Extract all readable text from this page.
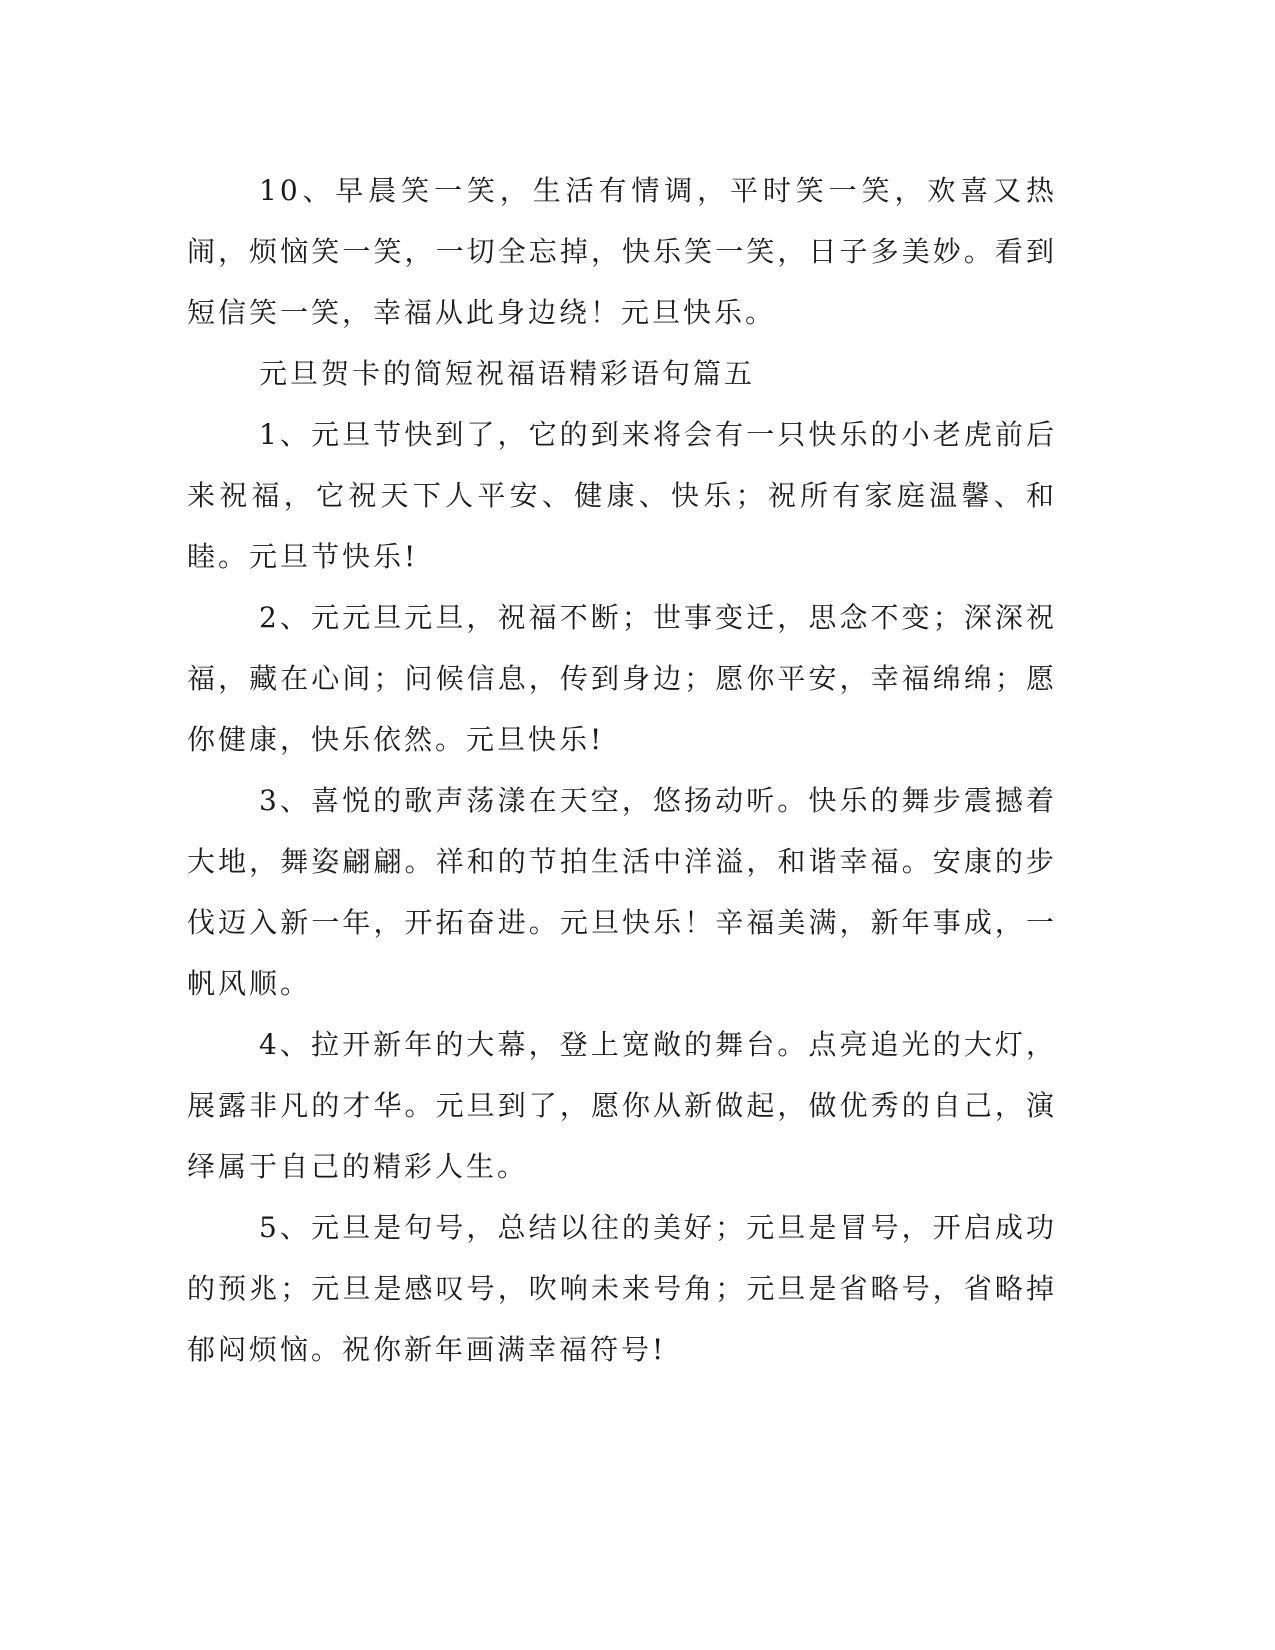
10、早晨笑一笑，生活有情调，平时笑一笑，欢喜又热闹，烦恼笑一笑，一切全忘掉，快乐笑一笑，日子多美妙。看到短信笑一笑，幸福从此身边绕！元旦快乐。

元旦贺卡的简短祝福语精彩语句篇五

1、元旦节快到了，它的到来将会有一只快乐的小老虎前后来祝福，它祝天下人平安、健康、快乐；祝所有家庭温馨、和睦。元旦节快乐!

2、元元旦元旦，祝福不断；世事变迁，思念不变；深深祝福，藏在心间；问候信息，传到身边；愿你平安，幸福绵绵；愿你健康，快乐依然。元旦快乐!

3、喜悦的歌声荡漾在天空，悠扬动听。快乐的舞步震撼着大地，舞姿翩翩。祥和的节拍生活中洋溢，和谐幸福。安康的步伐迈入新一年，开拓奋进。元旦快乐！辛福美满，新年事成，一帆风顺。

4、拉开新年的大幕，登上宽敞的舞台。点亮追光的大灯，展露非凡的才华。元旦到了，愿你从新做起，做优秀的自己，演绎属于自己的精彩人生。

5、元旦是句号，总结以往的美好；元旦是冒号，开启成功的预兆；元旦是感叹号，吹响未来号角；元旦是省略号，省略掉郁闷烦恼。祝你新年画满幸福符号!
